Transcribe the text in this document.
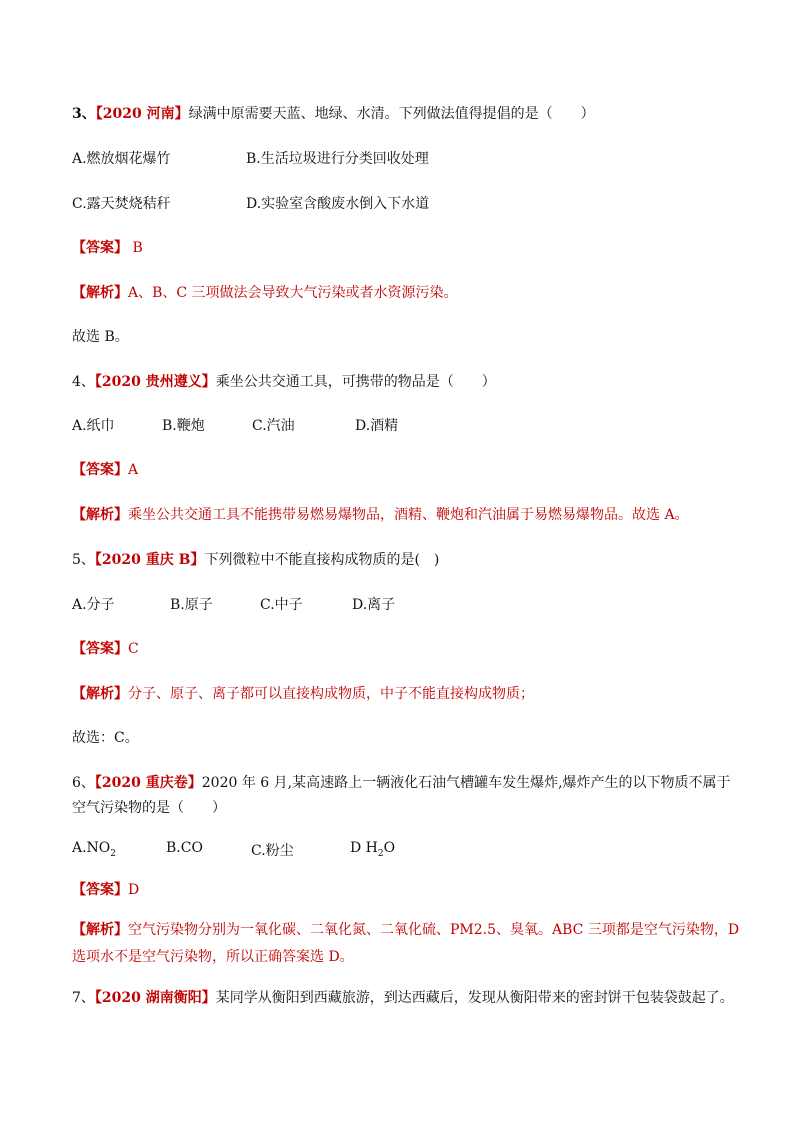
3、【2020 河南】绿满中原需要天蓝、地绿、水清。下列做法值得提倡的是（　　）
A.燃放烟花爆竹	B.生活垃圾进行分类回收处理
C.露天焚烧秸秆	D.实验室含酸废水倒入下水道
【答案】 B
【解析】A、B、C 三项做法会导致大气污染或者水资源污染。
故选 B。
4、【2020 贵州遵义】乘坐公共交通工具，可携带的物品是（　　）
A.纸巾	B.鞭炮	C.汽油	D.酒精
【答案】A
【解析】乘坐公共交通工具不能携带易燃易爆物品，酒精、鞭炮和汽油属于易燃易爆物品。故选 A。
5、【2020 重庆 B】下列微粒中不能直接构成物质的是(　)
A.分子	B.原子	C.中子	D.离子
【答案】C
【解析】分子、原子、离子都可以直接构成物质，中子不能直接构成物质；
故选：C。
6、【2020 重庆卷】2020 年 6 月,某高速路上一辆液化石油气槽罐车发生爆炸,爆炸产生的以下物质不属于
空气污染物的是（　　）
$A.NO_2$	B.CO	C.粉尘	D $H_2O$
【答案】D
【解析】空气污染物分别为一氧化碳、二氧化氮、二氧化硫、PM2.5、臭氧。ABC 三项都是空气污染物，D
选项水不是空气污染物，所以正确答案选 D。
7、【2020 湖南衡阳】某同学从衡阳到西藏旅游，到达西藏后，发现从衡阳带来的密封饼干包装袋鼓起了。
